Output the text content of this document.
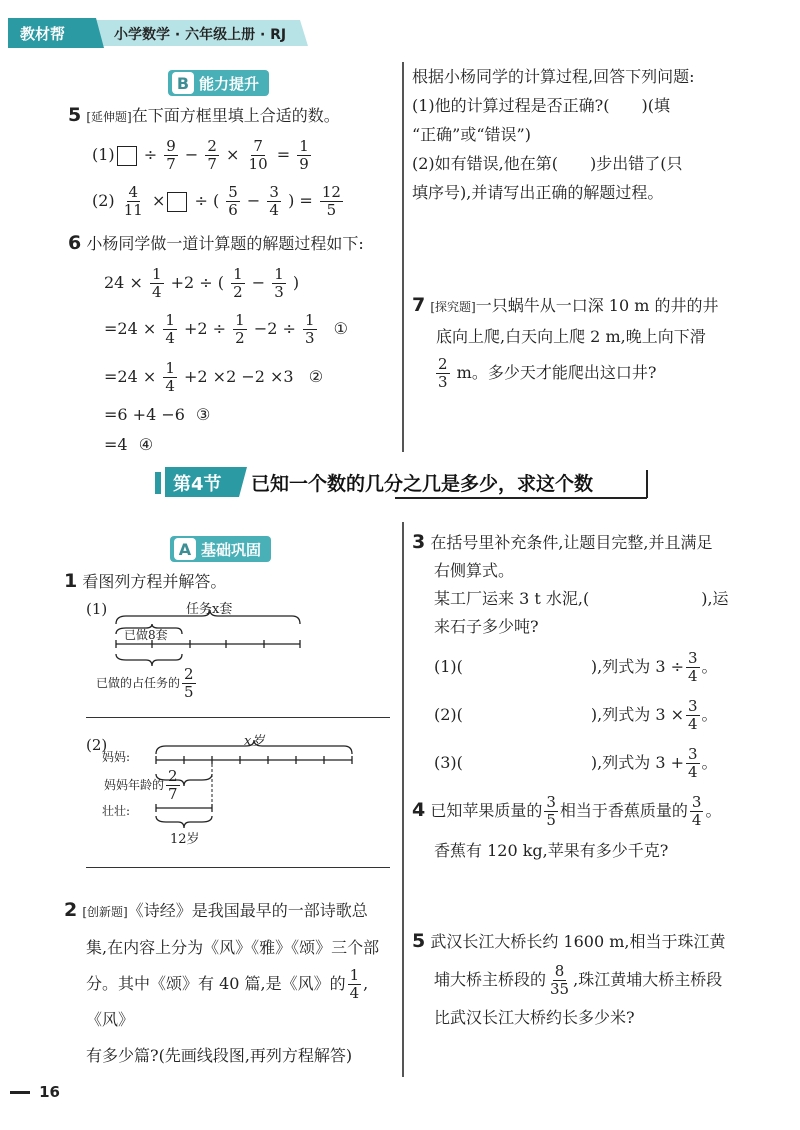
教材帮	小学数学 · 六年级上册 · RJ
B 能力提升
5 [延伸题]在下面方框里填上合适的数。
$(1) \div \frac{9}{7} - \frac{2}{7} \times \frac{7}{10} = \frac{1}{9}$
$(2) \frac{4}{11}$ × ÷ ( $\frac{5}{6} - \frac{3}{4}$ ) = $\frac{12}{5}$
6 小杨同学做一道计算题的解题过程如下:
$24 \times \frac{1}{4} +2$ ÷ ( $\frac{1}{2} - \frac{1}{3}$ )
$=24 \times \frac{1}{4} +2 \div \frac{1}{2} -2 \div \frac{1}{3}$ ①
$=24 \times \frac{1}{4} +2 \times 2 -2 \times 3$ ②
=6 +4 −6 ③
=4 ④
根据小杨同学的计算过程,回答下列问题:
(1)他的计算过程是否正确?(　　)(填
“正确”或“错误”)
(2)如有错误,他在第(　　)步出错了(只
填序号),并请写出正确的解题过程。
7 [探究题]一只蜗牛从一口深 10 m 的井的井
底向上爬,白天向上爬 2 m,晚上向下滑
$\frac{2}{3}$ m。多少天才能爬出这口井?
第4节 已知一个数的几分之几是多少，求这个数
A 基础巩固
1 看图列方程并解答。
(1)	任务x套
已做8套
已做的占任务的 $\frac{2}{5}$
(2)	x岁
妈妈:
壮壮:
妈妈年龄的 $\frac{2}{7}$
12岁
2 [创新题]《诗经》是我国最早的一部诗歌总
集,在内容上分为《风》《雅》《颂》三个部
分。其中《颂》有 40 篇,是《风》的 $\frac{1}{4}$ ,《风》
有多少篇?(先画线段图,再列方程解答)
3 在括号里补充条件,让题目完整,并且满足
右侧算式。
某工厂运来 3 t 水泥,(　　　　　　　),运
来石子多少吨?
(1)(　　　　　　　　),列式为 $3 \div \frac{3}{4}$ 。
(2)(　　　　　　　　),列式为 $3 \times \frac{3}{4}$ 。
(3)(　　　　　　　　),列式为 $3 + \frac{3}{4}$ 。
4 已知苹果质量的 $\frac{3}{5}$ 相当于香蕉质量的 $\frac{3}{4}$ 。
香蕉有 120 kg,苹果有多少千克?
5 武汉长江大桥长约 1600 m,相当于珠江黄
埔大桥主桥段的 $\frac{8}{35}$ ,珠江黄埔大桥主桥段
比武汉长江大桥约长多少米?
16
